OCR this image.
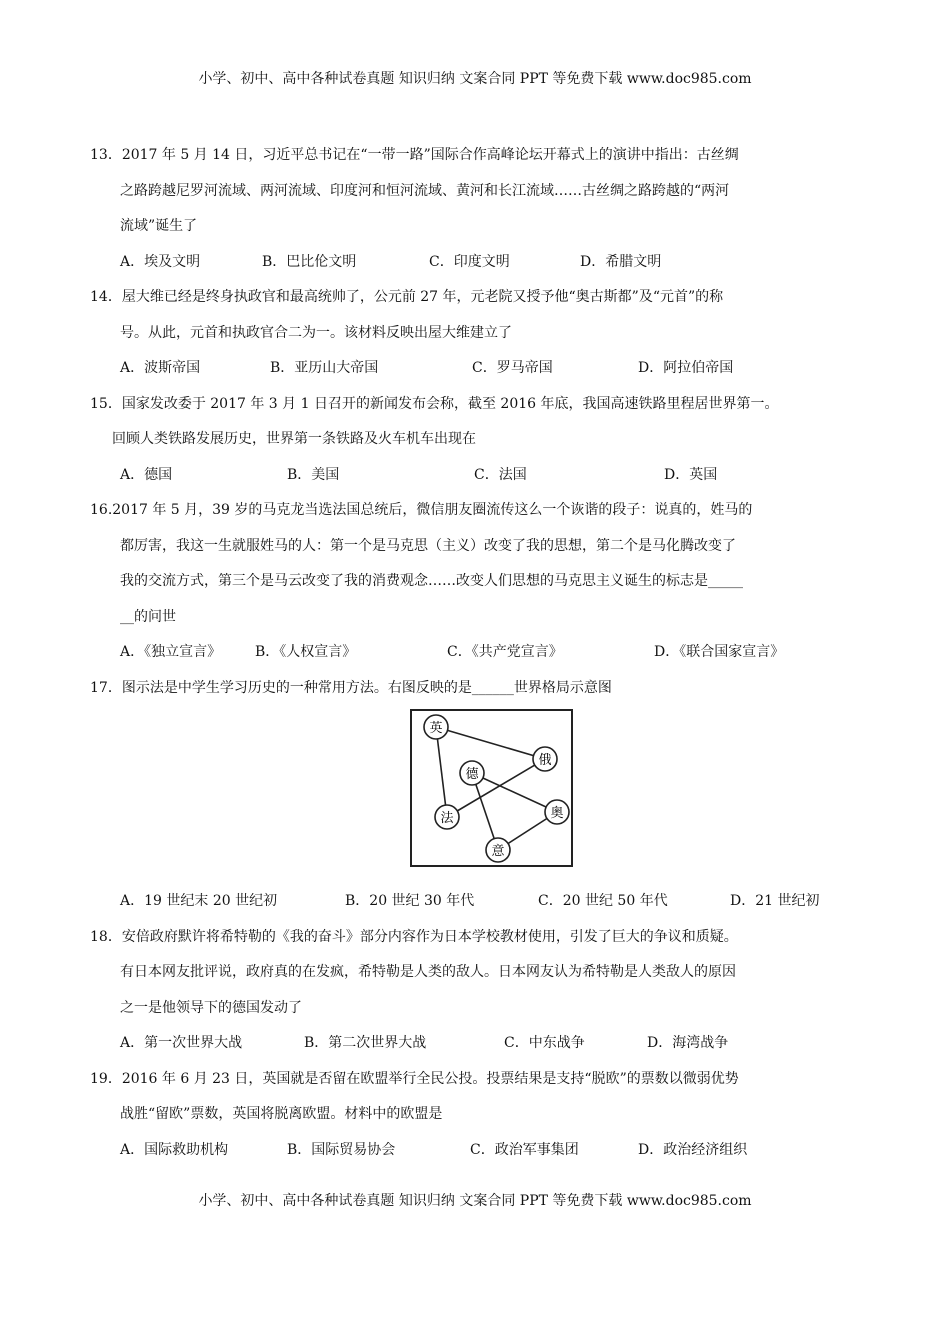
小学、初中、高中各种试卷真题 知识归纳 文案合同 PPT 等免费下载 www.doc985.com
13．2017 年 5 月 14 日，习近平总书记在“一带一路”国际合作高峰论坛开幕式上的演讲中指出：古丝绸
之路跨越尼罗河流域、两河流域、印度河和恒河流域、黄河和长江流域……古丝绸之路跨越的“两河
流域”诞生了
A．埃及文明	B．巴比伦文明	C．印度文明	D．希腊文明
14．屋大维已经是终身执政官和最高统帅了，公元前 27 年，元老院又授予他“奥古斯都”及“元首”的称
号。从此，元首和执政官合二为一。该材料反映出屋大维建立了
A．波斯帝国	B．亚历山大帝国	C．罗马帝国	D．阿拉伯帝国
15．国家发改委于 2017 年 3 月 1 日召开的新闻发布会称，截至 2016 年底，我国高速铁路里程居世界第一。
回顾人类铁路发展历史，世界第一条铁路及火车机车出现在
A．德国	B．美国	C．法国	D．英国
16.2017 年 5 月，39 岁的马克龙当选法国总统后，微信朋友圈流传这么一个诙谐的段子：说真的，姓马的
都厉害，我这一生就服姓马的人：第一个是马克思（主义）改变了我的思想，第二个是马化腾改变了
我的交流方式，第三个是马云改变了我的消费观念……改变人们思想的马克思主义诞生的标志是_____
__的问世
A．《独立宣言》 B．《人权宣言》	C．《共产党宣言》	D．《联合国家宣言》
17．图示法是中学生学习历史的一种常用方法。右图反映的是______世界格局示意图
英
俄
德
奥
法
意
A．19 世纪末 20 世纪初	B．20 世纪 30 年代	C．20 世纪 50 年代	D．21 世纪初
18．安倍政府默许将希特勒的《我的奋斗》部分内容作为日本学校教材使用，引发了巨大的争议和质疑。
有日本网友批评说，政府真的在发疯，希特勒是人类的敌人。日本网友认为希特勒是人类敌人的原因
之一是他领导下的德国发动了
A．第一次世界大战	B．第二次世界大战	C．中东战争	D．海湾战争
19．2016 年 6 月 23 日，英国就是否留在欧盟举行全民公投。投票结果是支持“脱欧”的票数以微弱优势
战胜“留欧”票数，英国将脱离欧盟。材料中的欧盟是
A．国际救助机构	B．国际贸易协会	C．政治军事集团	D．政治经济组织
小学、初中、高中各种试卷真题 知识归纳 文案合同 PPT 等免费下载 www.doc985.com
